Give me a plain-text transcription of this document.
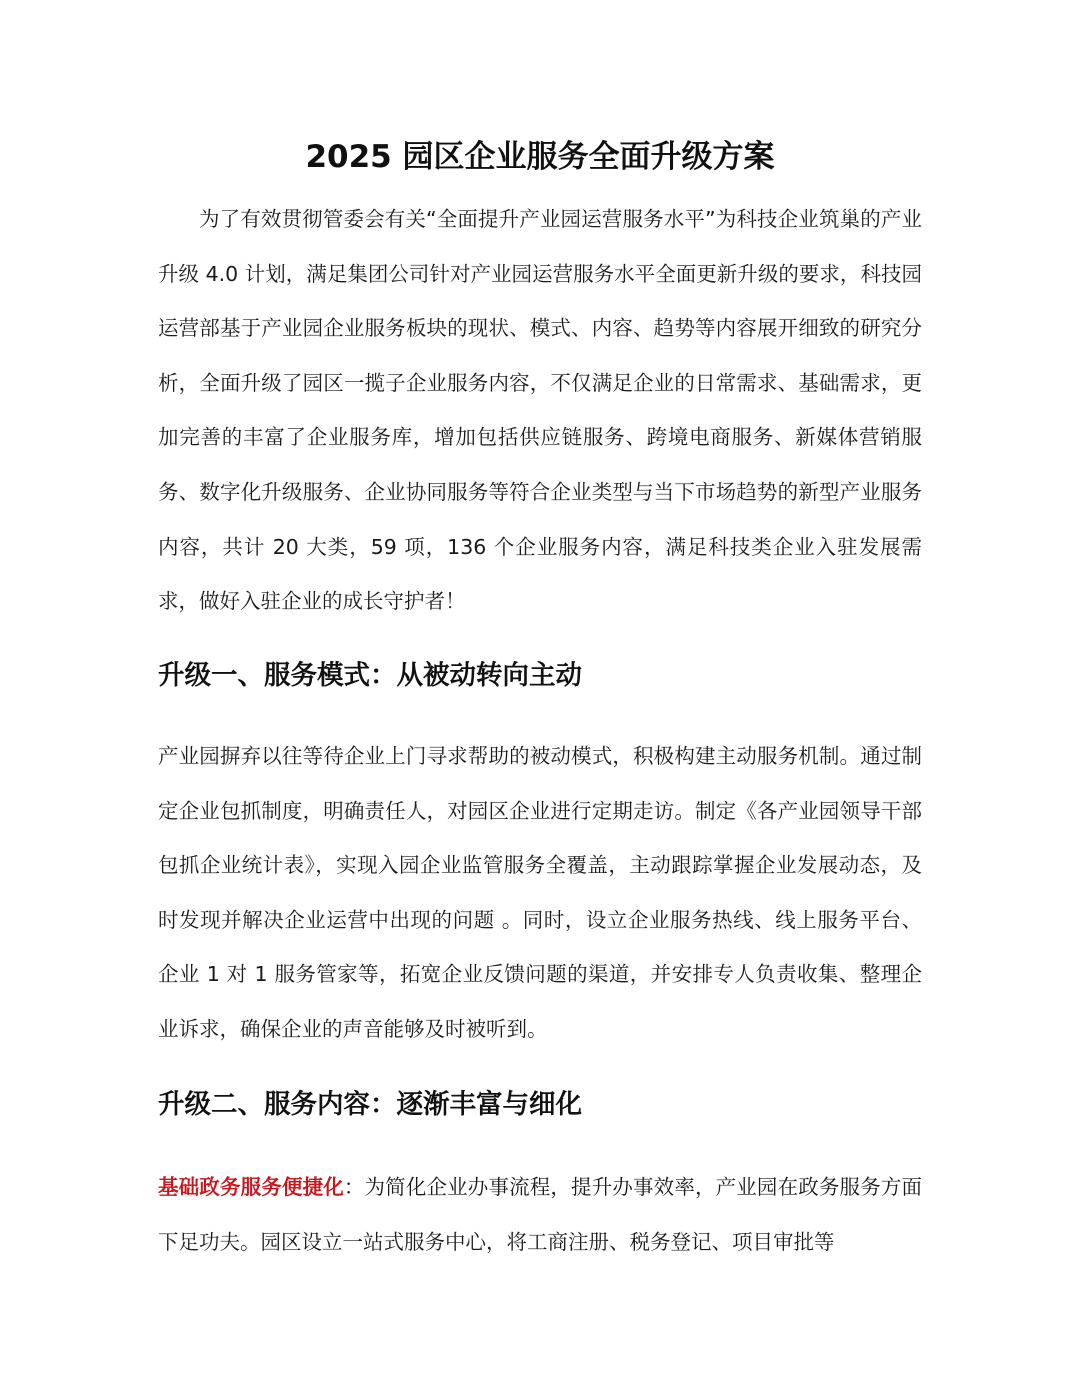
2025 园区企业服务全面升级方案

为了有效贯彻管委会有关“全面提升产业园运营服务水平”为科技企业筑巢的产业升级 4.0 计划，满足集团公司针对产业园运营服务水平全面更新升级的要求，科技园运营部基于产业园企业服务板块的现状、模式、内容、趋势等内容展开细致的研究分析，全面升级了园区一揽子企业服务内容，不仅满足企业的日常需求、基础需求，更加完善的丰富了企业服务库，增加包括供应链服务、跨境电商服务、新媒体营销服务、数字化升级服务、企业协同服务等符合企业类型与当下市场趋势的新型产业服务内容，共计 20 大类，59 项，136 个企业服务内容，满足科技类企业入驻发展需求，做好入驻企业的成长守护者！

升级一、服务模式：从被动转向主动

产业园摒弃以往等待企业上门寻求帮助的被动模式，积极构建主动服务机制。通过制定企业包抓制度，明确责任人，对园区企业进行定期走访。制定《各产业园领导干部包抓企业统计表》，实现入园企业监管服务全覆盖，主动跟踪掌握企业发展动态，及时发现并解决企业运营中出现的问题 。同时，设立企业服务热线、线上服务平台、企业 1 对 1 服务管家等，拓宽企业反馈问题的渠道，并安排专人负责收集、整理企业诉求，确保企业的声音能够及时被听到。

升级二、服务内容：逐渐丰富与细化

基础政务服务便捷化：为简化企业办事流程，提升办事效率，产业园在政务服务方面下足功夫。园区设立一站式服务中心，将工商注册、税务登记、项目审批等
